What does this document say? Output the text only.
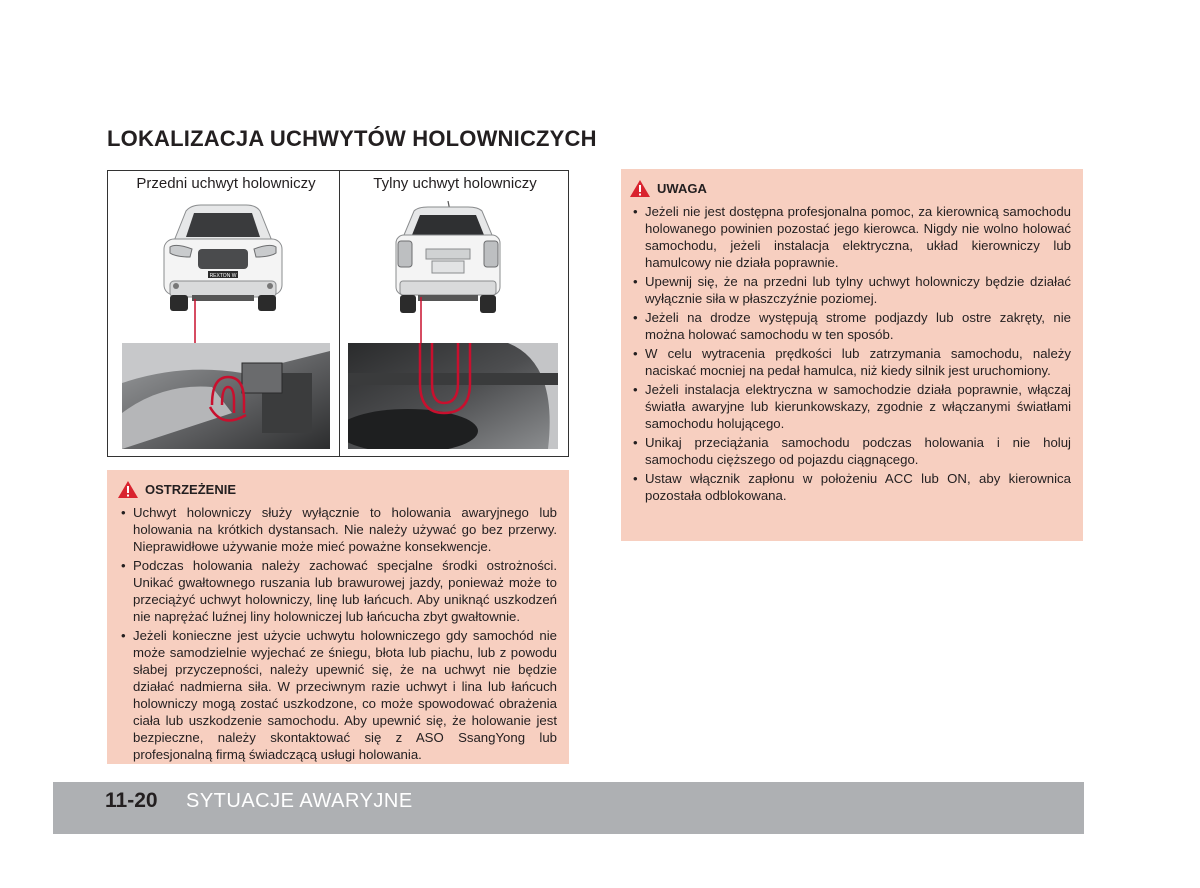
LOKALIZACJA UCHWYTÓW HOLOWNICZYCH
Przedni uchwyt holowniczy	Tylny uchwyt holowniczy
REXTON W
OSTRZEŻENIE
• Uchwyt holowniczy służy wyłącznie to holowania awaryjnego lub holowania na krótkich dystansach. Nie należy używać go bez przerwy. Nieprawidłowe używanie może mieć poważne konsekwencje.
• Podczas holowania należy zachować specjalne środki ostrożności. Unikać gwałtownego ruszania lub brawurowej jazdy, ponieważ może to przeciążyć uchwyt holowniczy, linę lub łańcuch. Aby uniknąć uszkodzeń nie naprężać luźnej liny holowniczej lub łańcucha zbyt gwałtownie.
• Jeżeli konieczne jest użycie uchwytu holowniczego gdy samochód nie może samodzielnie wyjechać ze śniegu, błota lub piachu, lub z powodu słabej przyczepności, należy upewnić się, że na uchwyt nie będzie działać nadmierna siła. W przeciwnym razie uchwyt i lina lub łańcuch holowniczy mogą zostać uszkodzone, co może spowodować obrażenia ciała lub uszkodzenie samochodu. Aby upewnić się, że holowanie jest bezpieczne, należy skontaktować się z ASO SsangYong lub profesjonalną firmą świadczącą usługi holowania.
UWAGA
• Jeżeli nie jest dostępna profesjonalna pomoc, za kierownicą samochodu holowanego powinien pozostać jego kierowca. Nigdy nie wolno holować samochodu, jeżeli instalacja elektryczna, układ kierowniczy lub hamulcowy nie działa poprawnie.
• Upewnij się, że na przedni lub tylny uchwyt holowniczy będzie działać wyłącznie siła w płaszczyźnie poziomej.
• Jeżeli na drodze występują strome podjazdy lub ostre zakręty, nie można holować samochodu w ten sposób.
• W celu wytracenia prędkości lub zatrzymania samochodu, należy naciskać mocniej na pedał hamulca, niż kiedy silnik jest uruchomiony.
• Jeżeli instalacja elektryczna w samochodzie działa poprawnie, włączaj światła awaryjne lub kierunkowskazy, zgodnie z włączanymi światłami samochodu holującego.
• Unikaj przeciążania samochodu podczas holowania i nie holuj samochodu cięższego od pojazdu ciągnącego.
• Ustaw włącznik zapłonu w położeniu ACC lub ON, aby kierownica pozostała odblokowana.
11-20 SYTUACJE AWARYJNE
